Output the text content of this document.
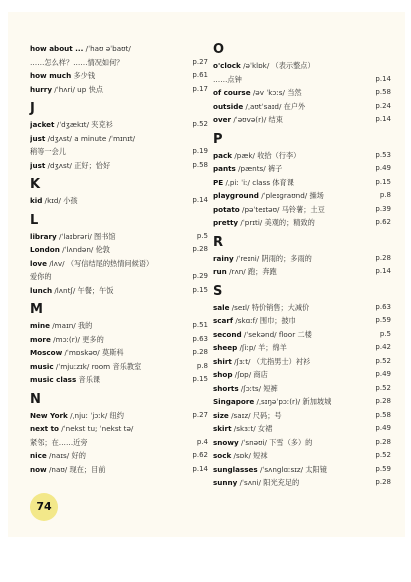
how about ... /ˈhaʊ əˈbaʊt/
……怎么样？……情况如何？	p.27
how much 多少钱	p.61
hurry /ˈhʌri/ up 快点	p.17
J
jacket /ˈdʒækɪt/ 夹克衫	p.52
just /dʒʌst/ a minute /ˈmɪnɪt/
稍等一会儿	p.19
just /dʒʌst/ 正好；恰好	p.58
K
kid /kɪd/ 小孩	p.14
L
library /ˈlaɪbrəri/ 图书馆	p.5
London /ˈlʌndən/ 伦敦	p.28
love /lʌv/ （写信结尾的热情问候语）
爱你的	p.29
lunch /lʌntʃ/ 午餐；午饭	p.15
M
mine /maɪn/ 我的	p.51
more /mɔː(r)/ 更多的	p.63
Moscow /ˈmɒskəʊ/ 莫斯科	p.28
music /ˈmjuːzɪk/ room 音乐教室	p.8
music class 音乐课	p.15
N
New York /ˌnjuː ˈjɔːk/ 纽约	p.27
next to /ˈnekst tu; ˈnekst tə/
紧邻；在……近旁	p.4
nice /naɪs/ 好的	p.62
now /naʊ/ 现在；目前	p.14
O
o'clock /əˈklɒk/ （表示整点）
……点钟	p.14
of course /əv ˈkɔːs/ 当然	p.58
outside /ˌaʊtˈsaɪd/ 在户外	p.24
over /ˈəʊvə(r)/ 结束	p.14
P
pack /pæk/ 收拾（行李）	p.53
pants /pænts/ 裤子	p.49
PE /ˌpiː ˈiː/ class 体育课	p.15
playground /ˈpleɪɡraʊnd/ 操场	p.8
potato /pəˈteɪtəʊ/ 马铃薯；土豆	p.39
pretty /ˈprɪti/ 美观的；精致的	p.62
R
rainy /ˈreɪni/ 阴雨的；多雨的	p.28
run /rʌn/ 跑；奔跑	p.14
S
sale /seɪl/ 特价销售；大减价	p.63
scarf /skɑːf/ 围巾；披巾	p.59
second /ˈsekənd/ floor 二楼	p.5
sheep /ʃiːp/ 羊；绵羊	p.42
shirt /ʃɜːt/ （尤指男士）衬衫	p.52
shop /ʃɒp/ 商店	p.49
shorts /ʃɔːts/ 短裤	p.52
Singapore /ˌsɪŋəˈpɔː(r)/ 新加坡城	p.28
size /saɪz/ 尺码；号	p.58
skirt /skɜːt/ 女裙	p.49
snowy /ˈsnəʊi/ 下雪（多）的	p.28
sock /sɒk/ 短袜	p.52
sunglasses /ˈsʌnɡlɑːsɪz/ 太阳镜	p.59
sunny /ˈsʌni/ 阳光充足的	p.28
74
